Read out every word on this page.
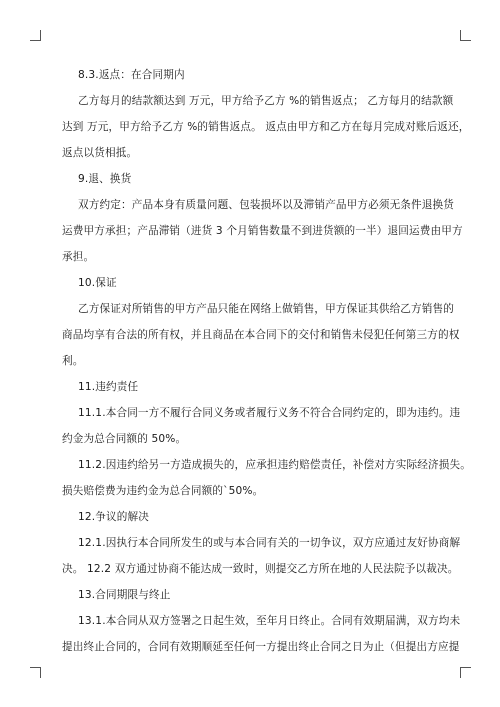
8.3.返点：在合同期内
乙方每月的结款额达到 万元，甲方给予乙方 %的销售返点； 乙方每月的结款额
达到 万元，甲方给予乙方 %的销售返点。 返点由甲方和乙方在每月完成对账后返还，
返点以货相抵。
9.退、换货
双方约定：产品本身有质量问题、包装损坏以及滞销产品甲方必须无条件退换货
运费甲方承担；产品滞销（进货 3 个月销售数量不到进货额的一半）退回运费由甲方
承担。
10.保证
乙方保证对所销售的甲方产品只能在网络上做销售，甲方保证其供给乙方销售的
商品均享有合法的所有权，并且商品在本合同下的交付和销售未侵犯任何第三方的权
利。
11.违约责任
11.1.本合同一方不履行合同义务或者履行义务不符合合同约定的，即为违约。违
约金为总合同额的 50%。
11.2.因违约给另一方造成损失的，应承担违约赔偿责任，补偿对方实际经济损失。
损失赔偿费为违约金为总合同额的`50%。
12.争议的解决
12.1.因执行本合同所发生的或与本合同有关的一切争议，双方应通过友好协商解
决。 12.2 双方通过协商不能达成一致时，则提交乙方所在地的人民法院予以裁决。
13.合同期限与终止
13.1.本合同从双方签署之日起生效，至年月日终止。合同有效期届满，双方均未
提出终止合同的，合同有效期顺延至任何一方提出终止合同之日为止（但提出方应提
